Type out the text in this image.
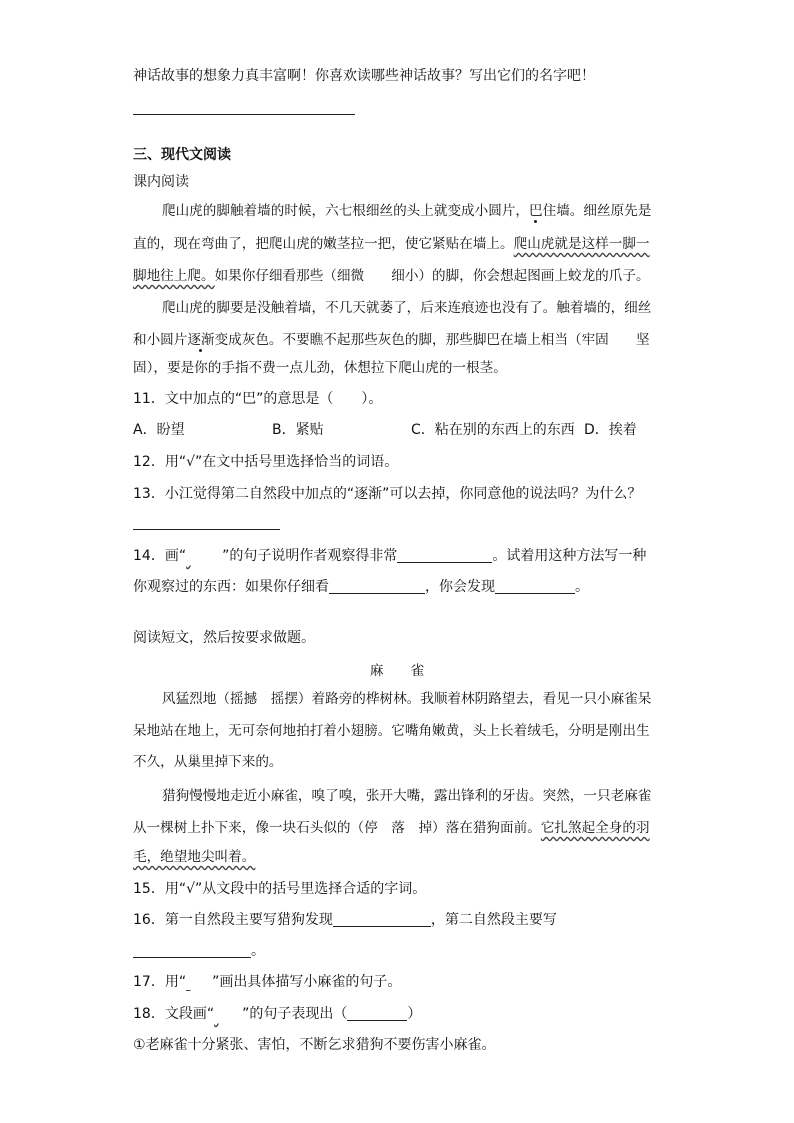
神话故事的想象力真丰富啊！你喜欢读哪些神话故事？写出它们的名字吧！
三、现代文阅读
课内阅读
爬山虎的脚触着墙的时候，六七根细丝的头上就变成小圆片，巴住墙。细丝原先是
直的，现在弯曲了，把爬山虎的嫩茎拉一把，使它紧贴在墙上。爬山虎就是这样一脚一
脚地往上爬。如果你仔细看那些（细微　　细小）的脚，你会想起图画上蛟龙的爪子。
爬山虎的脚要是没触着墙，不几天就萎了，后来连痕迹也没有了。触着墙的，细丝
和小圆片逐渐变成灰色。不要瞧不起那些灰色的脚，那些脚巴在墙上相当（牢固　　坚
固），要是你的手指不费一点儿劲，休想拉下爬山虎的一根茎。
11．文中加点的“巴”的意思是（　　）。
A．盼望	B．紧贴	C．粘在别的东西上的东西 D．挨着
12．用“√”在文中括号里选择恰当的词语。
13．小江觉得第二自然段中加点的“逐渐”可以去掉，你同意他的说法吗？为什么？
14．画“	”的句子说明作者观察得非常	。试着用这种方法写一种
你观察过的东西：如果你仔细看	，你会发现	。
阅读短文，然后按要求做题。
麻　　雀
风猛烈地（摇撼　摇摆）着路旁的桦树林。我顺着林阴路望去，看见一只小麻雀呆
呆地站在地上，无可奈何地拍打着小翅膀。它嘴角嫩黄，头上长着绒毛，分明是刚出生
不久，从巢里掉下来的。
猎狗慢慢地走近小麻雀，嗅了嗅，张开大嘴，露出锋利的牙齿。突然，一只老麻雀
从一棵树上扑下来，像一块石头似的（停　落　掉）落在猎狗面前。它扎煞起全身的羽
毛，绝望地尖叫着。
15．用“√”从文段中的括号里选择合适的字词。
16．第一自然段主要写猎狗发现	，第二自然段主要写
。
17．用“ ”画出具体描写小麻雀的句子。
18．文段画“ ”的句子表现出（	）
①老麻雀十分紧张、害怕，不断乞求猎狗不要伤害小麻雀。
